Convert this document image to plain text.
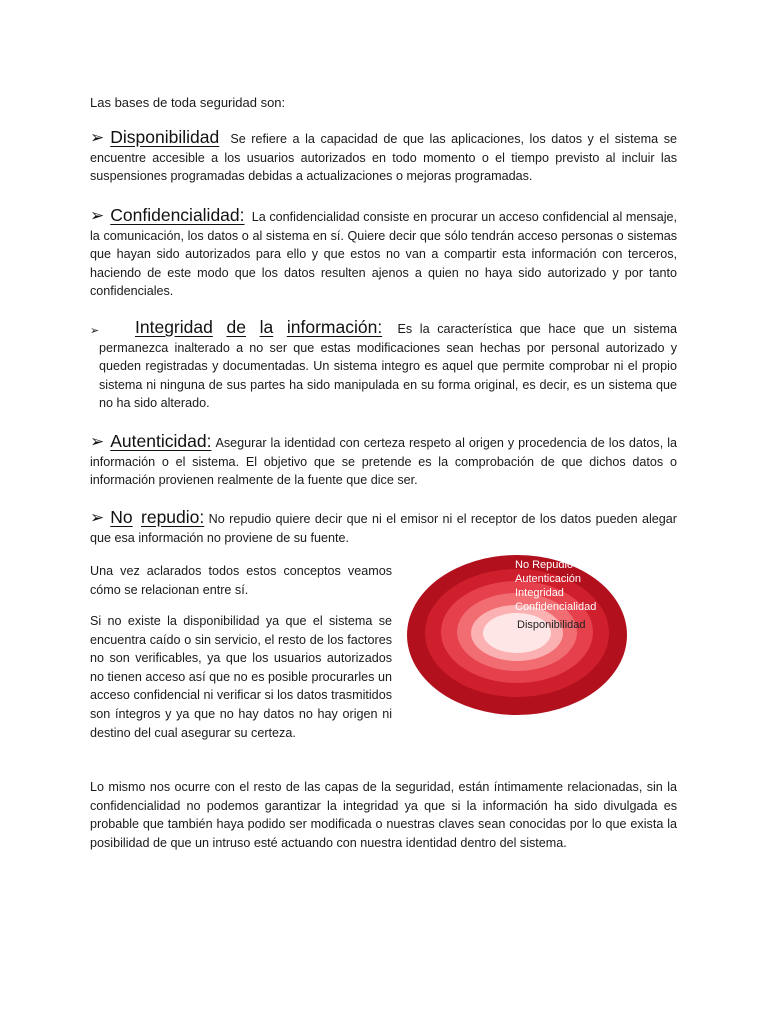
Las bases de toda seguridad son:
➢ Disponibilidad Se refiere a la capacidad de que las aplicaciones, los datos y el sistema se encuentre accesible a los usuarios autorizados en todo momento o el tiempo previsto al incluir las suspensiones programadas debidas a actualizaciones o mejoras programadas.
➢ Confidencialidad: La confidencialidad consiste en procurar un acceso confidencial al mensaje, la comunicación, los datos o al sistema en sí. Quiere decir que sólo tendrán acceso personas o sistemas que hayan sido autorizados para ello y que estos no van a compartir esta información con terceros, haciendo de este modo que los datos resulten ajenos a quien no haya sido autorizado y por tanto confidenciales.
➢	Integridad de la información: Es la característica que hace que un sistema permanezca inalterado a no ser que estas modificaciones sean hechas por personal autorizado y queden registradas y documentadas. Un sistema integro es aquel que permite comprobar ni el propio sistema ni ninguna de sus partes ha sido manipulada en su forma original, es decir, es un sistema que no ha sido alterado.
➢ Autenticidad: Asegurar la identidad con certeza respeto al origen y procedencia de los datos, la información o el sistema. El objetivo que se pretende es la comprobación de que dichos datos o información provienen realmente de la fuente que dice ser.
➢ No repudio: No repudio quiere decir que ni el emisor ni el receptor de los datos pueden alegar que esa información no proviene de su fuente.
Una vez aclarados todos estos conceptos veamos cómo se relacionan entre sí.
Si no existe la disponibilidad ya que el sistema se encuentra caído o sin servicio, el resto de los factores no son verificables, ya que los usuarios autorizados no tienen acceso así que no es posible procurarles un acceso confidencial ni verificar si los datos trasmitidos son íntegros y ya que no hay datos no hay origen ni destino del cual asegurar su certeza.
No Repudio
Autenticación
Integridad
Confidencialidad
Disponibilidad
Lo mismo nos ocurre con el resto de las capas de la seguridad, están íntimamente relacionadas, sin la confidencialidad no podemos garantizar la integridad ya que si la información ha sido divulgada es probable que también haya podido ser modificada o nuestras claves sean conocidas por lo que exista la posibilidad de que un intruso esté actuando con nuestra identidad dentro del sistema.
